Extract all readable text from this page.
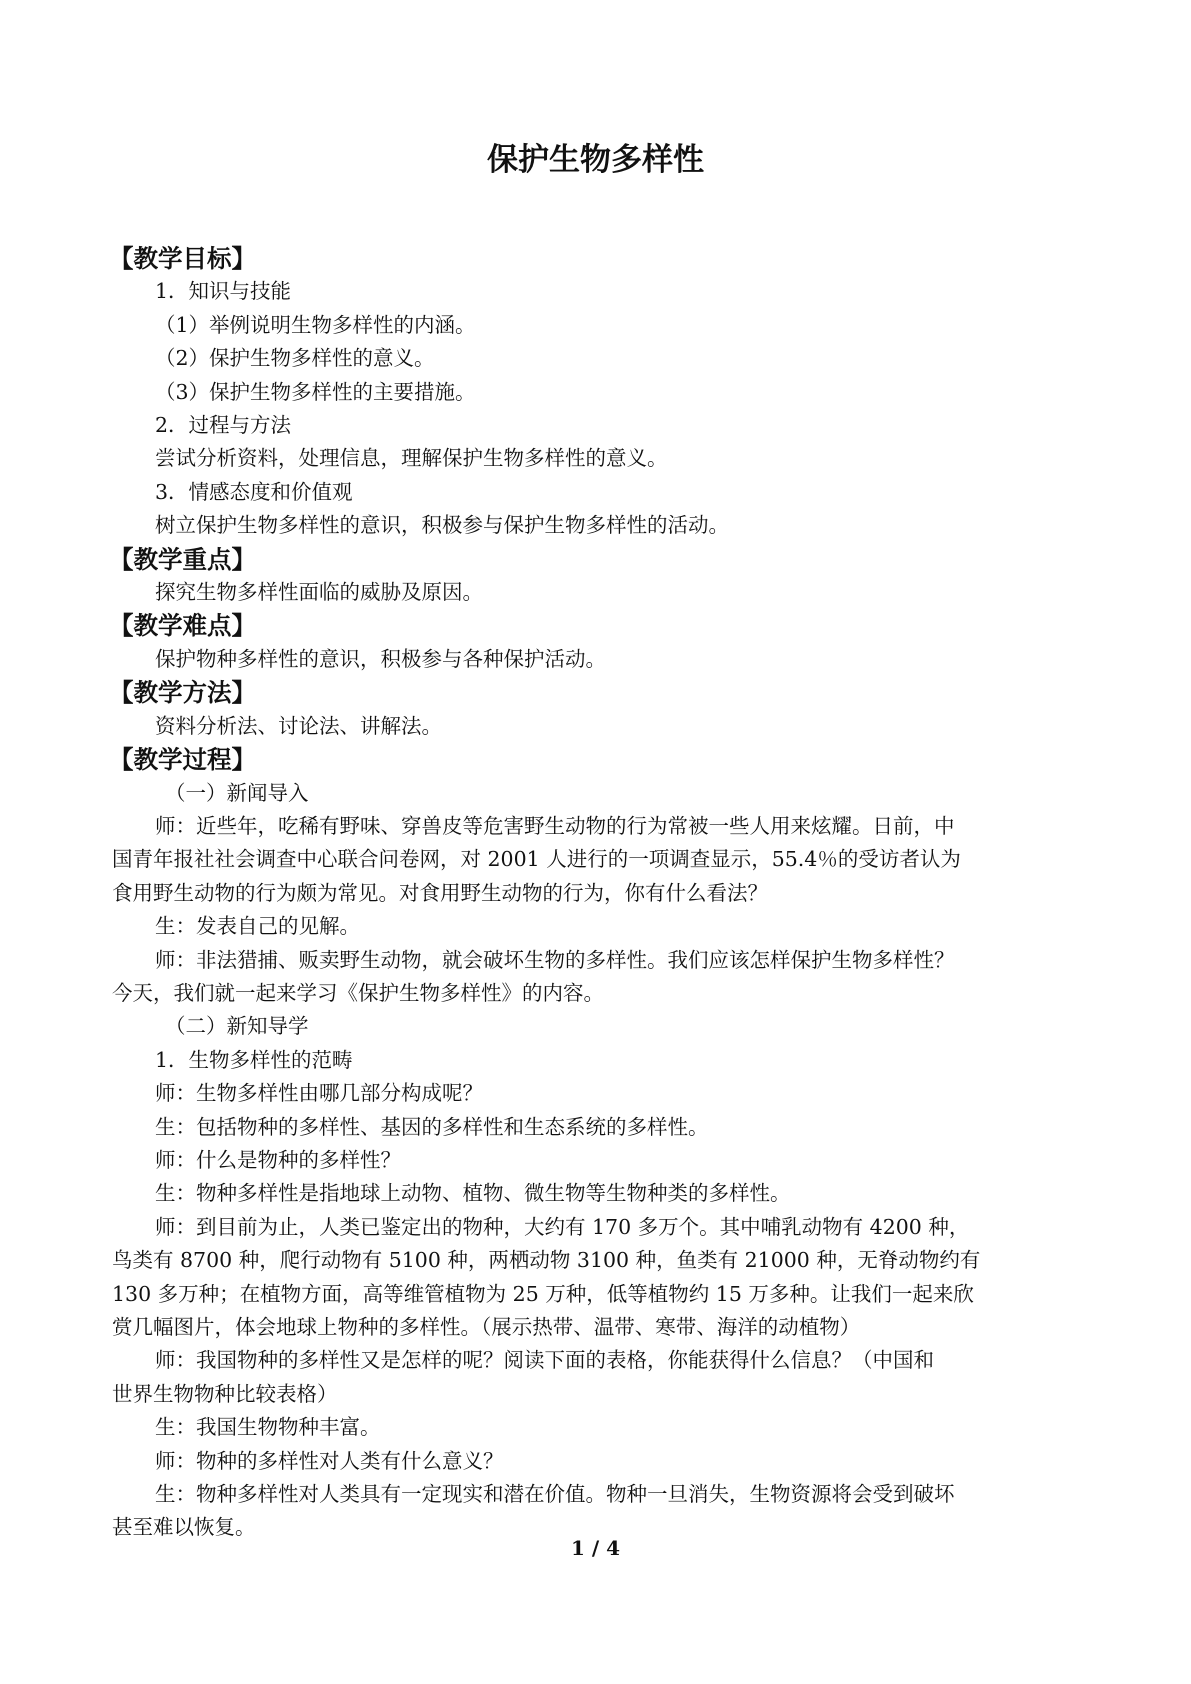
保护生物多样性

【教学目标】

1．知识与技能

（1）举例说明生物多样性的内涵。

（2）保护生物多样性的意义。

（3）保护生物多样性的主要措施。

2．过程与方法

尝试分析资料，处理信息，理解保护生物多样性的意义。

3．情感态度和价值观

树立保护生物多样性的意识，积极参与保护生物多样性的活动。

【教学重点】

探究生物多样性面临的威胁及原因。

【教学难点】

保护物种多样性的意识，积极参与各种保护活动。

【教学方法】

资料分析法、讨论法、讲解法。

【教学过程】

（一）新闻导入

师：近些年，吃稀有野味、穿兽皮等危害野生动物的行为常被一些人用来炫耀。日前，中

国青年报社社会调查中心联合问卷网，对 2001 人进行的一项调查显示，55.4％的受访者认为

食用野生动物的行为颇为常见。对食用野生动物的行为，你有什么看法？

生：发表自己的见解。

师：非法猎捕、贩卖野生动物，就会破坏生物的多样性。我们应该怎样保护生物多样性？

今天，我们就一起来学习《保护生物多样性》的内容。

（二）新知导学

1．生物多样性的范畴

师：生物多样性由哪几部分构成呢？

生：包括物种的多样性、基因的多样性和生态系统的多样性。

师：什么是物种的多样性？

生：物种多样性是指地球上动物、植物、微生物等生物种类的多样性。

师：到目前为止，人类已鉴定出的物种，大约有 170 多万个。其中哺乳动物有 4200 种，

鸟类有 8700 种，爬行动物有 5100 种，两栖动物 3100 种，鱼类有 21000 种，无脊动物约有

130 多万种；在植物方面，高等维管植物为 25 万种，低等植物约 15 万多种。让我们一起来欣

赏几幅图片，体会地球上物种的多样性。（展示热带、温带、寒带、海洋的动植物）

师：我国物种的多样性又是怎样的呢？阅读下面的表格，你能获得什么信息？（中国和

世界生物物种比较表格）

生：我国生物物种丰富。

师：物种的多样性对人类有什么意义？

生：物种多样性对人类具有一定现实和潜在价值。物种一旦消失，生物资源将会受到破坏

甚至难以恢复。

1 / 4
